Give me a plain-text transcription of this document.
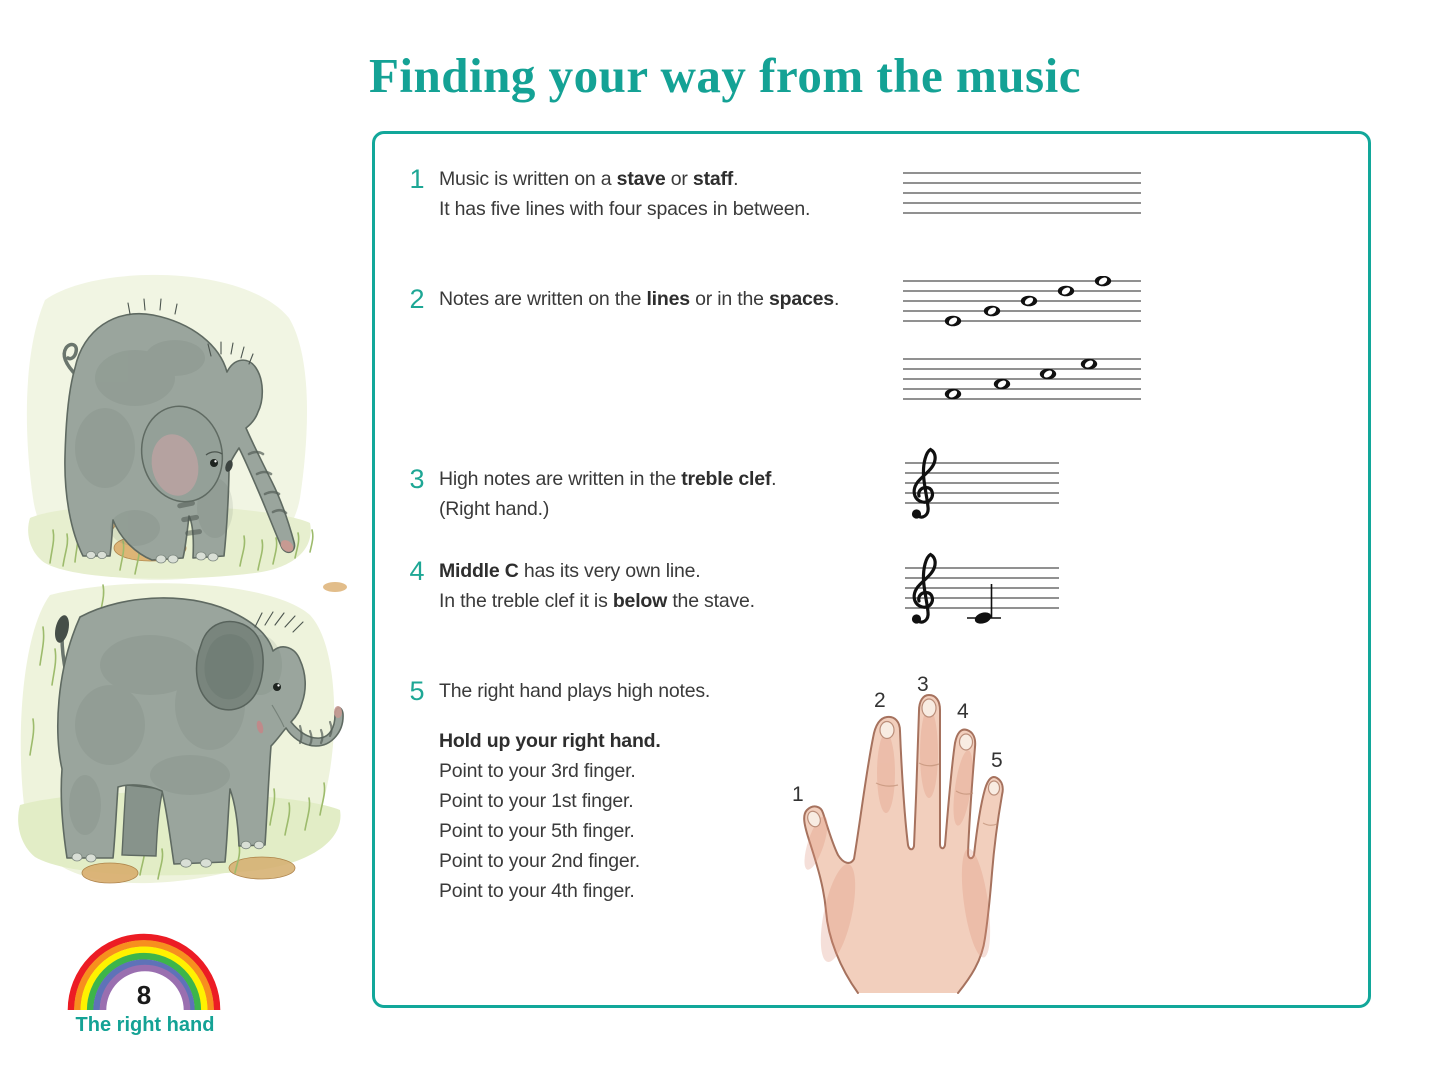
Finding your way from the music
1 Music is written on a stave or staff.
It has five lines with four spaces in between.
2 Notes are written on the lines or in the spaces.
3 High notes are written in the treble clef.
(Right hand.)
4 Middle C has its very own line.
In the treble clef it is below the stave.
5 The right hand plays high notes.
Hold up your right hand.
Point to your 3rd finger.
Point to your 1st finger.
Point to your 5th finger.
Point to your 2nd finger.
Point to your 4th finger.
1
2
3
4
5
8
The right hand
